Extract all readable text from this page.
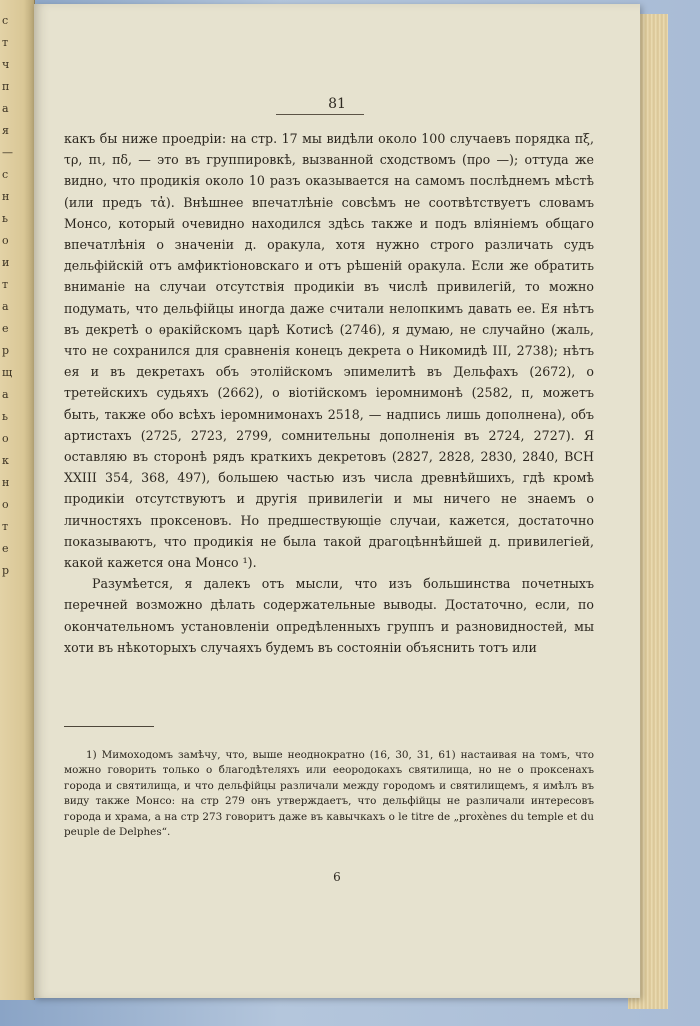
с
т
ч
п
а
я
—
с
н
ь
о
и
т
а
е
р
щ
а
ь
о
к
н
о
т
е
р
81

какъ бы ниже проедріи: на стр. 17 мы видѣли около 100 случаевъ порядка πξ, τρ, πι, πδ, — это въ группировкѣ, вызванной сходствомъ (προ —); оттуда же видно, что продикія около 10 разъ оказывается на самомъ послѣднемъ мѣстѣ (или предъ τἀ). Внѣшнее впечатлѣніе совсѣмъ не соотвѣтствуетъ словамъ Монсо, который очевидно находился здѣсь также и подъ вліяніемъ общаго впечатлѣнія о значеніи д. оракула, хотя нужно строго различать судъ дельфійскій отъ амфиктіоновскаго и отъ рѣшеній оракула. Если же обратить вниманіе на случаи отсутствія продикіи въ числѣ привилегій, то можно подумать, что дельфійцы иногда даже считали нелопкимъ давать ее. Ея нѣтъ въ декретѣ о ѳракійскомъ царѣ Котисѣ (2746), я думаю, не случайно (жаль, что не сохранился для сравненія конецъ декрета о Никомидѣ III, 2738); нѣтъ ея и въ декретахъ объ этолійскомъ эпимелитѣ въ Дельфахъ (2672), о третейскихъ судьяхъ (2662), о віотійскомъ іеромнимонѣ (2582, п, можетъ быть, также обо всѣхъ іеромнимонахъ 2518, — надпись лишь дополнена), объ артистахъ (2725, 2723, 2799, сомнительны дополненія въ 2724, 2727). Я оставляю въ сторонѣ рядъ краткихъ декретовъ (2827, 2828, 2830, 2840, ВСН XXIII 354, 368, 497), большею частью изъ числа древнѣйшихъ, гдѣ кромѣ продикіи отсутствуютъ и другія привилегіи и мы ничего не знаемъ о личностяхъ проксеновъ. Но предшествующіе случаи, кажется, достаточно показываютъ, что продикія не была такой драгоцѣннѣйшей д. привилегіей, какой кажется она Монсо ¹).

Разумѣется, я далекъ отъ мысли, что изъ большинства почетныхъ перечней возможно дѣлать содержательные выводы. Достаточно, если, по окончательномъ установленіи опредѣленныхъ группъ и разновидностей, мы хоти въ нѣкоторыхъ случаяхъ будемъ въ состояніи объяснить тотъ или

1) Мимоходомъ замѣчу, что, выше неоднократно (16, 30, 31, 61) настаивая на томъ, что можно говорить только о благодѣтеляхъ или ееородокахъ святилища, но не о проксенахъ города и святилища, и что дельфійцы различали между городомъ и святилищемъ, я имѣлъ въ виду также Монсо: на стр 279 онъ утверждаетъ, что дельфійцы не различали интересовъ города и храма, а на стр 273 говоритъ даже въ кавычкахъ о le titre de „proxènes du temple et du peuple de Delphes“.

6
